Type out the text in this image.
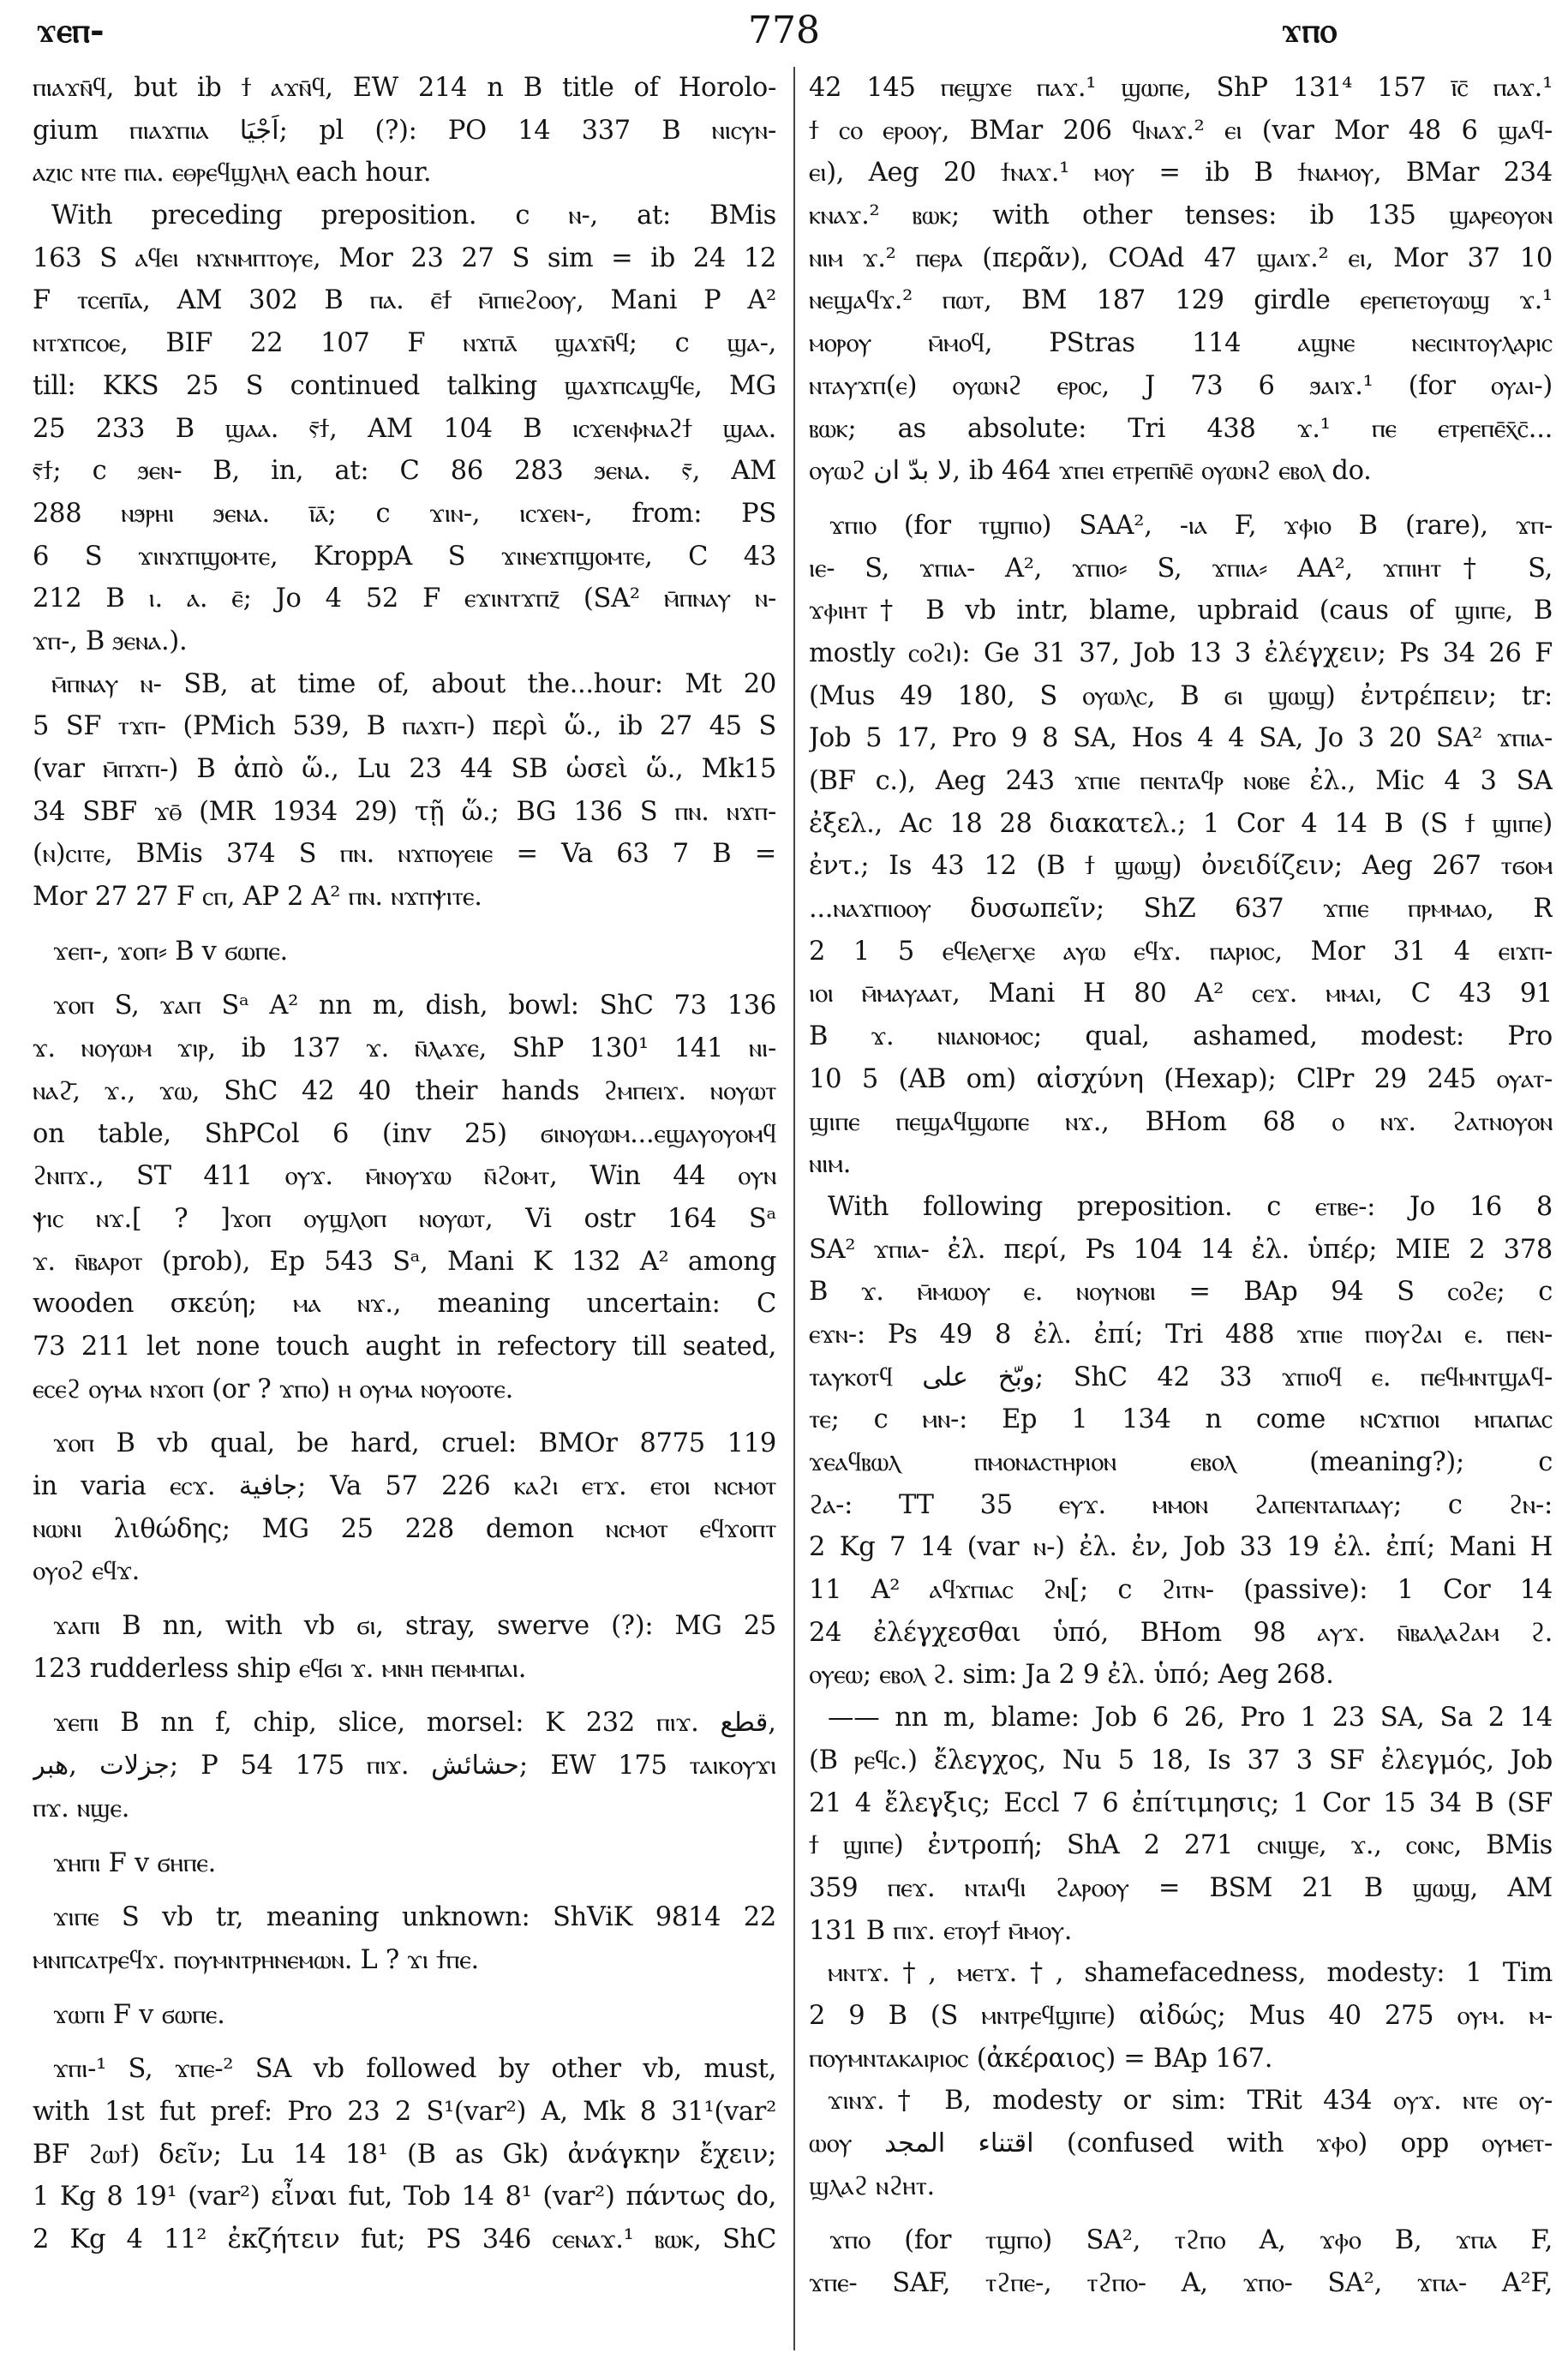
ϫⲉⲡ-	778	ϫⲡⲟ
ⲡⲓⲁϫⲛ̄ϥ, but ib ϯ ⲁϫⲛ̄ϥ, EW 214 n B title of Horolo-
gium ⲡⲓⲁϫⲡⲓⲁ اَجْيَا; pl (?): PO 14 337 B ⲛⲓⲥⲩⲛ-
ⲁⲍⲓⲥ ⲛⲧⲉ ⲡⲓⲁ. ⲉⲑⲣⲉϥϣⲗⲏⲗ each hour.
With preceding preposition. c ⲛ-, at: BMis
163 S ⲁϥⲉⲓ ⲛϫⲛⲙⲡⲧⲟⲩⲉ, Mor 23 27 S sim = ib 24 12
F ⲧⲥⲉⲡⲓ̄ⲁ, AM 302 B ⲡⲁ. ⲉ̄ϯ ⲙ̄ⲡⲓⲉϩⲟⲟⲩ, Mani P A²
ⲛⲧϫⲡⲥⲟⲉ, BIF 22 107 F ⲛϫⲡⲁ̄ ϣⲁϫⲛ̄ϥ; c ϣⲁ-,
till: KKS 25 S continued talking ϣⲁϫⲡⲥⲁϣϥⲉ, MG
25 233 B ϣⲁⲁ. ⲋ̄ϯ, AM 104 B ⲓⲥϫⲉⲛⲫⲛⲁϩϯ ϣⲁⲁ.
ⲋ̄ϯ; c ϧⲉⲛ- B, in, at: C 86 283 ϧⲉⲛⲁ. ⲋ̄, AM
288 ⲛϧⲣⲏⲓ ϧⲉⲛⲁ. ⲓ̄ⲁ̄; c ϫⲓⲛ-, ⲓⲥϫⲉⲛ-, from: PS
6 S ϫⲓⲛϫⲡϣⲟⲙⲧⲉ, KroppA S ϫⲓⲛⲉϫⲡϣⲟⲙⲧⲉ, C 43
212 B ⲓ. ⲁ. ⲉ̄; Jo 4 52 F ⲉϫⲓⲛⲧϫⲡⲍ̄ (SA² ⲙ̄ⲡⲛⲁⲩ ⲛ-
ϫⲡ-, B ϧⲉⲛⲁ.).
ⲙ̄ⲡⲛⲁⲩ ⲛ- SB, at time of, about the...hour: Mt 20
5 SF ⲧϫⲡ- (PMich 539, B ⲡⲁϫⲡ-) περὶ ὥ., ib 27 45 S
(var ⲙ̄ⲡϫⲡ-) B ἀπὸ ὥ., Lu 23 44 SB ὡσεὶ ὥ., Mk15
34 SBF ϫⲑ̄ (MR 1934 29) τῇ ὥ.; BG 136 S ⲡⲛ. ⲛϫⲡ-
(ⲛ)ⲥⲓⲧⲉ, BMis 374 S ⲡⲛ. ⲛϫⲡⲟⲩⲉⲓⲉ = Va 63 7 B =
Mor 27 27 F ⲥⲡ, AP 2 A² ⲡⲛ. ⲛϫⲡⲯⲓⲧⲉ.
ϫⲉⲡ-, ϫⲟⲡ⸗ B v ϭⲱⲡⲉ.
ϫⲟⲡ S, ϫⲁⲡ Sᵃ A² nn m, dish, bowl: ShC 73 136
ϫ. ⲛⲟⲩⲱⲙ ϫⲓⲣ, ib 137 ϫ. ⲛ̄ⲗⲁϫⲉ, ShP 130¹ 141 ⲛⲓ-
ⲛⲁϩ̄, ϫ., ϫⲱ, ShC 42 40 their hands ϩⲙⲡⲉⲓϫ. ⲛⲟⲩⲱⲧ
on table, ShPCol 6 (inv 25) ϭⲓⲛⲟⲩⲱⲙ...ⲉϣⲁⲩⲟⲩⲟⲙϥ
ϩⲛⲡϫ., ST 411 ⲟⲩϫ. ⲙ̄ⲛⲟⲩϫⲱ ⲛ̄ϩⲟⲙⲧ, Win 44 ⲟⲩⲛ
ⲯⲓⲥ ⲛϫ.[ ? ]ϫⲟⲡ ⲟⲩϣⲗⲟⲡ ⲛⲟⲩⲱⲧ, Vi ostr 164 Sᵃ
ϫ. ⲛ̄ⲃⲁⲣⲟⲧ (prob), Ep 543 Sᵃ, Mani K 132 A² among
wooden σκεύη; ⲙⲁ ⲛϫ., meaning uncertain: C
73 211 let none touch aught in refectory till seated,
ⲉⲥⲉϩ ⲟⲩⲙⲁ ⲛϫⲟⲡ (or ? ϫⲡⲟ) ⲏ ⲟⲩⲙⲁ ⲛⲟⲩⲟⲟⲧⲉ.
ϫⲟⲡ B vb qual, be hard, cruel: BMOr 8775 119
in varia ⲉⲥϫ. جافية; Va 57 226 ⲕⲁϩⲓ ⲉⲧϫ. ⲉⲧⲟⲓ ⲛⲥⲙⲟⲧ
ⲛⲱⲛⲓ λιθώδης; MG 25 228 demon ⲛⲥⲙⲟⲧ ⲉϥϫⲟⲡⲧ
ⲟⲩⲟϩ ⲉϥϫ.
ϫⲁⲡⲓ B nn, with vb ϭⲓ, stray, swerve (?): MG 25
123 rudderless ship ⲉϥϭⲓ ϫ. ⲙⲛⲏ ⲡⲉⲙⲙⲡⲁⲓ.
ϫⲉⲡⲓ B nn f, chip, slice, morsel: K 232 ⲡⲓϫ. قطع,
جزلات ,هبر; P 54 175 ⲡⲓϫ. حشائش; EW 175 ⲧⲁⲓⲕⲟⲩϫⲓ
ⲡϫ. ⲛϣⲉ.
ϫⲏⲡⲓ F v ϭⲏⲡⲉ.
ϫⲓⲡⲉ S vb tr, meaning unknown: ShViK 9814 22
ⲙⲛⲡⲥⲁⲧⲣⲉϥϫ. ⲡⲟⲩⲙⲛⲧⲣⲏⲛⲉⲙⲱⲛ. L ? ϫⲓ ϯⲡⲉ.
ϫⲱⲡⲓ F v ϭⲱⲡⲉ.
ϫⲡⲓ-¹ S, ϫⲡⲉ-² SA vb followed by other vb, must,
with 1st fut pref: Pro 23 2 S¹(var²) A, Mk 8 31¹(var²
BF ϩⲱϯ) δεῖν; Lu 14 18¹ (B as Gk) ἀνάγκην ἔχειν;
1 Kg 8 19¹ (var²) εἶναι fut, Tob 14 8¹ (var²) πάντως do,
2 Kg 4 11² ἐκζήτειν fut; PS 346 ⲥⲉⲛⲁϫ.¹ ⲃⲱⲕ, ShC
42 145 ⲡⲉϣϫⲉ ⲡⲁϫ.¹ ϣⲱⲡⲉ, ShP 131⁴ 157 ⲓ̄ⲥ̄ ⲡⲁϫ.¹
ϯ ⲥⲟ ⲉⲣⲟⲟⲩ, BMar 206 ϥⲛⲁϫ.² ⲉⲓ (var Mor 48 6 ϣⲁϥ-
ⲉⲓ), Aeg 20 ϯⲛⲁϫ.¹ ⲙⲟⲩ = ib B ϯⲛⲁⲙⲟⲩ, BMar 234
ⲕⲛⲁϫ.² ⲃⲱⲕ; with other tenses: ib 135 ϣⲁⲣⲉⲟⲩⲟⲛ
ⲛⲓⲙ ϫ.² ⲡⲉⲣⲁ (περᾶν), COAd 47 ϣⲁⲓϫ.² ⲉⲓ, Mor 37 10
ⲛⲉϣⲁϥϫ.² ⲡⲱⲧ, BM 187 129 girdle ⲉⲣⲉⲡⲉⲧⲟⲩⲱϣ ϫ.¹
ⲙⲟⲣⲟⲩ ⲙ̄ⲙⲟϥ, PStras 114 ⲁϣⲛⲉ ⲛⲉⲥⲓⲛⲧⲟⲩⲗⲁⲣⲓⲥ
ⲛⲧⲁⲩϫⲡ(ⲉ) ⲟⲩⲱⲛϩ ⲉⲣⲟⲥ, J 73 6 ϧⲁⲓϫ.¹ (for ⲟⲩⲁⲓ-)
ⲃⲱⲕ; as absolute: Tri 438 ϫ.¹ ⲡⲉ ⲉⲧⲣⲉⲡⲉ̄ⲭ̄ⲥ̄...
ⲟⲩⲱϩ لا بدّ ان, ib 464 ϫⲡⲉⲓ ⲉⲧⲣⲉⲡⲛ̄ⲉ̄ ⲟⲩⲱⲛϩ ⲉⲃⲟⲗ do.
ϫⲡⲓⲟ (for ⲧϣⲡⲓⲟ) SAA², -ⲓⲁ F, ϫⲫⲓⲟ B (rare), ϫⲡ-
ⲓⲉ- S, ϫⲡⲓⲁ- A², ϫⲡⲓⲟ⸗ S, ϫⲡⲓⲁ⸗ AA², ϫⲡⲓⲏⲧ† S,
ϫⲫⲓⲏⲧ† B vb intr, blame, upbraid (caus of ϣⲓⲡⲉ, B
mostly ⲥⲟϩⲓ): Ge 31 37, Job 13 3 ἐλέγχειν; Ps 34 26 F
(Mus 49 180, S ⲟⲩⲱⲗⲥ, B ϭⲓ ϣⲱϣ) ἐντρέπειν; tr:
Job 5 17, Pro 9 8 SA, Hos 4 4 SA, Jo 3 20 SA² ϫⲡⲓⲁ-
(BF c.), Aeg 243 ϫⲡⲓⲉ ⲡⲉⲛⲧⲁϥⲣ ⲛⲟⲃⲉ ἐλ., Mic 4 3 SA
ἐξελ., Ac 18 28 διακατελ.; 1 Cor 4 14 B (S ϯ ϣⲓⲡⲉ)
ἐντ.; Is 43 12 (B ϯ ϣⲱϣ) ὀνειδίζειν; Aeg 267 ⲧϭⲟⲙ
...ⲛⲁϫⲡⲓⲟⲟⲩ δυσωπεῖν; ShZ 637 ϫⲡⲓⲉ ⲡⲣⲙⲙⲁⲟ, R
2 1 5 ⲉϥⲉⲗⲉⲅⲭⲉ ⲁⲩⲱ ⲉϥϫ. ⲡⲁⲣⲓⲟⲥ, Mor 31 4 ⲉⲓϫⲡ-
ⲓⲟⲓ ⲙ̄ⲙⲁⲩⲁⲁⲧ, Mani H 80 A² ⲥⲉϫ. ⲙⲙⲁⲓ, C 43 91
B ϫ. ⲛⲓⲁⲛⲟⲙⲟⲥ; qual, ashamed, modest: Pro
10 5 (AB om) αἰσχύνη (Hexap); ClPr 29 245 ⲟⲩⲁⲧ-
ϣⲓⲡⲉ ⲡⲉϣⲁϥϣⲱⲡⲉ ⲛϫ., BHom 68 ⲟ ⲛϫ. ϩⲁⲧⲛⲟⲩⲟⲛ
ⲛⲓⲙ.
With following preposition. c ⲉⲧⲃⲉ-: Jo 16 8
SA² ϫⲡⲓⲁ- ἐλ. περί, Ps 104 14 ἐλ. ὑπέρ; MIE 2 378
B ϫ. ⲙ̄ⲙⲱⲟⲩ ⲉ. ⲛⲟⲩⲛⲟⲃⲓ = BAp 94 S ⲥⲟϩⲉ; c
ⲉϫⲛ-: Ps 49 8 ἐλ. ἐπί; Tri 488 ϫⲡⲓⲉ ⲡⲓⲟⲩϩⲁⲓ ⲉ. ⲡⲉⲛ-
ⲧⲁⲩⲕⲟⲧϥ وبّخ على; ShC 42 33 ϫⲡⲓⲟϥ ⲉ. ⲡⲉϥⲙⲛⲧϣⲁϥ-
ⲧⲉ; c ⲙⲛ-: Ep 1 134 n come ⲛϲϫⲡⲓⲟⲓ ⲙⲡⲁⲡⲁⲥ
ϫⲉⲁϥⲃⲱⲗ ⲡⲙⲟⲛⲁⲥⲧⲏⲣⲓⲟⲛ ⲉⲃⲟⲗ (meaning?); c
ϩⲁ-: TT 35 ⲉⲩϫ. ⲙⲙⲟⲛ ϩⲁⲡⲉⲛⲧⲁⲡⲁⲁⲩ; c ϩⲛ-:
2 Kg 7 14 (var ⲛ-) ἐλ. ἐν, Job 33 19 ἐλ. ἐπί; Mani H
11 A² ⲁϥϫⲡⲓⲁⲥ ϩⲛ[; c ϩⲓⲧⲛ- (passive): 1 Cor 14
24 ἐλέγχεσθαι ὑπό, BHom 98 ⲁⲩϫ. ⲛ̄ⲃⲁⲗⲁϩⲁⲙ ϩ.
ⲟⲩⲉⲱ; ⲉⲃⲟⲗ ϩ. sim: Ja 2 9 ἐλ. ὑπό; Aeg 268.
—— nn m, blame: Job 6 26, Pro 1 23 SA, Sa 2 14
(B ⲣⲉϥⲥ.) ἔλεγχος, Nu 5 18, Is 37 3 SF ἐλεγμός, Job
21 4 ἔλεγξις; Eccl 7 6 ἐπίτιμησις; 1 Cor 15 34 B (SF
ϯ ϣⲓⲡⲉ) ἐντροπή; ShA 2 271 ⲥⲛⲓϣⲉ, ϫ., ⲥⲟⲛⲥ, BMis
359 ⲡⲉϫ. ⲛⲧⲁⲓϥⲓ ϩⲁⲣⲟⲟⲩ = BSM 21 B ϣⲱϣ, AM
131 B ⲡⲓϫ. ⲉⲧⲟⲩϯ ⲙ̄ⲙⲟⲩ.
ⲙⲛⲧϫ.†, ⲙⲉⲧϫ.†, shamefacedness, modesty: 1 Tim
2 9 B (S ⲙⲛⲧⲣⲉϥϣⲓⲡⲉ) αἰδώς; Mus 40 275 ⲟⲩⲙ. ⲙ-
ⲡⲟⲩⲙⲛⲧⲁⲕⲁⲓⲣⲓⲟⲥ (ἀκέραιος) = BAp 167.
ϫⲓⲛϫ.† B, modesty or sim: TRit 434 ⲟⲩϫ. ⲛⲧⲉ ⲟⲩ-
ⲱⲟⲩ اقتناء المجد (confused with ϫⲫⲟ) opp ⲟⲩⲙⲉⲧ-
ϣⲗⲁϩ ⲛϩⲏⲧ.
ϫⲡⲟ (for ⲧϣⲡⲟ) SA², ⲧϩⲡⲟ A, ϫⲫⲟ B, ϫⲡⲁ F,
ϫⲡⲉ- SAF, ⲧϩⲡⲉ-, ⲧϩⲡⲟ- A, ϫⲡⲟ- SA², ϫⲡⲁ- A²F,
